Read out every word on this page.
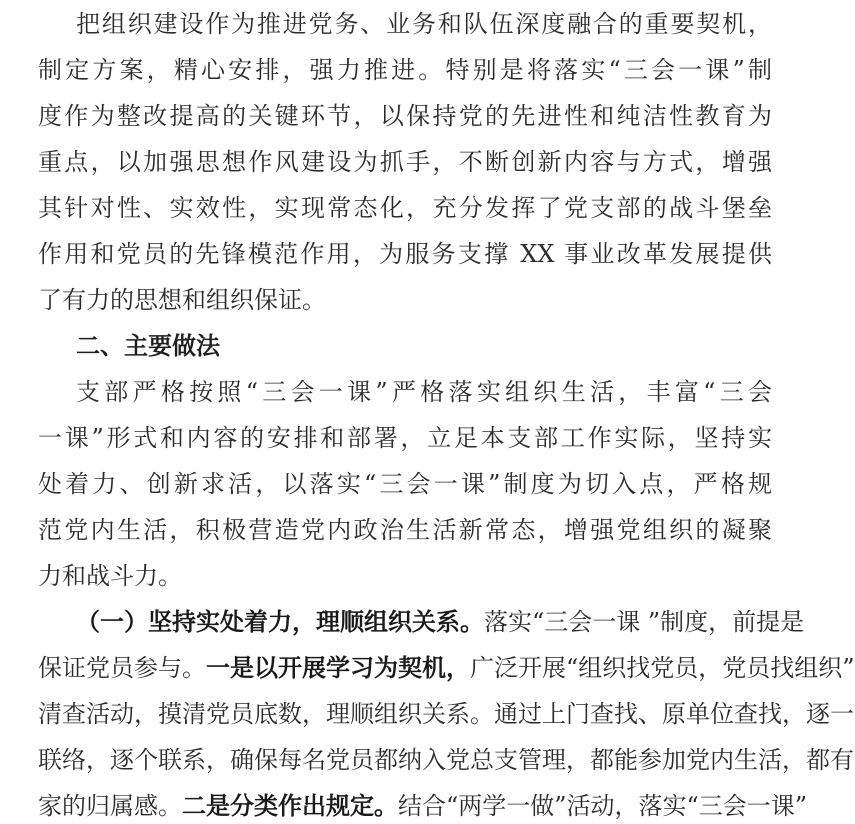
把组织建设作为推进党务、业务和队伍深度融合的重要契机，
制定方案，精心安排，强力推进。特别是将落实“三会一课”制
度作为整改提高的关键环节，以保持党的先进性和纯洁性教育为
重点，以加强思想作风建设为抓手，不断创新内容与方式，增强
其针对性、实效性，实现常态化，充分发挥了党支部的战斗堡垒
作用和党员的先锋模范作用，为服务支撑 XX 事业改革发展提供
了有力的思想和组织保证。
二、主要做法
支部严格按照“三会一课”严格落实组织生活，丰富“三会
一课”形式和内容的安排和部署，立足本支部工作实际，坚持实
处着力、创新求活，以落实“三会一课”制度为切入点，严格规
范党内生活，积极营造党内政治生活新常态，增强党组织的凝聚
力和战斗力。
（一）坚持实处着力，理顺组织关系。落实“三会一课 ”制度，前提是
保证党员参与。一是以开展学习为契机，广泛开展“组织找党员，党员找组织”
清查活动，摸清党员底数，理顺组织关系。通过上门查找、原单位查找，逐一
联络，逐个联系，确保每名党员都纳入党总支管理，都能参加党内生活，都有
家的归属感。二是分类作出规定。结合“两学一做”活动，落实“三会一课”
